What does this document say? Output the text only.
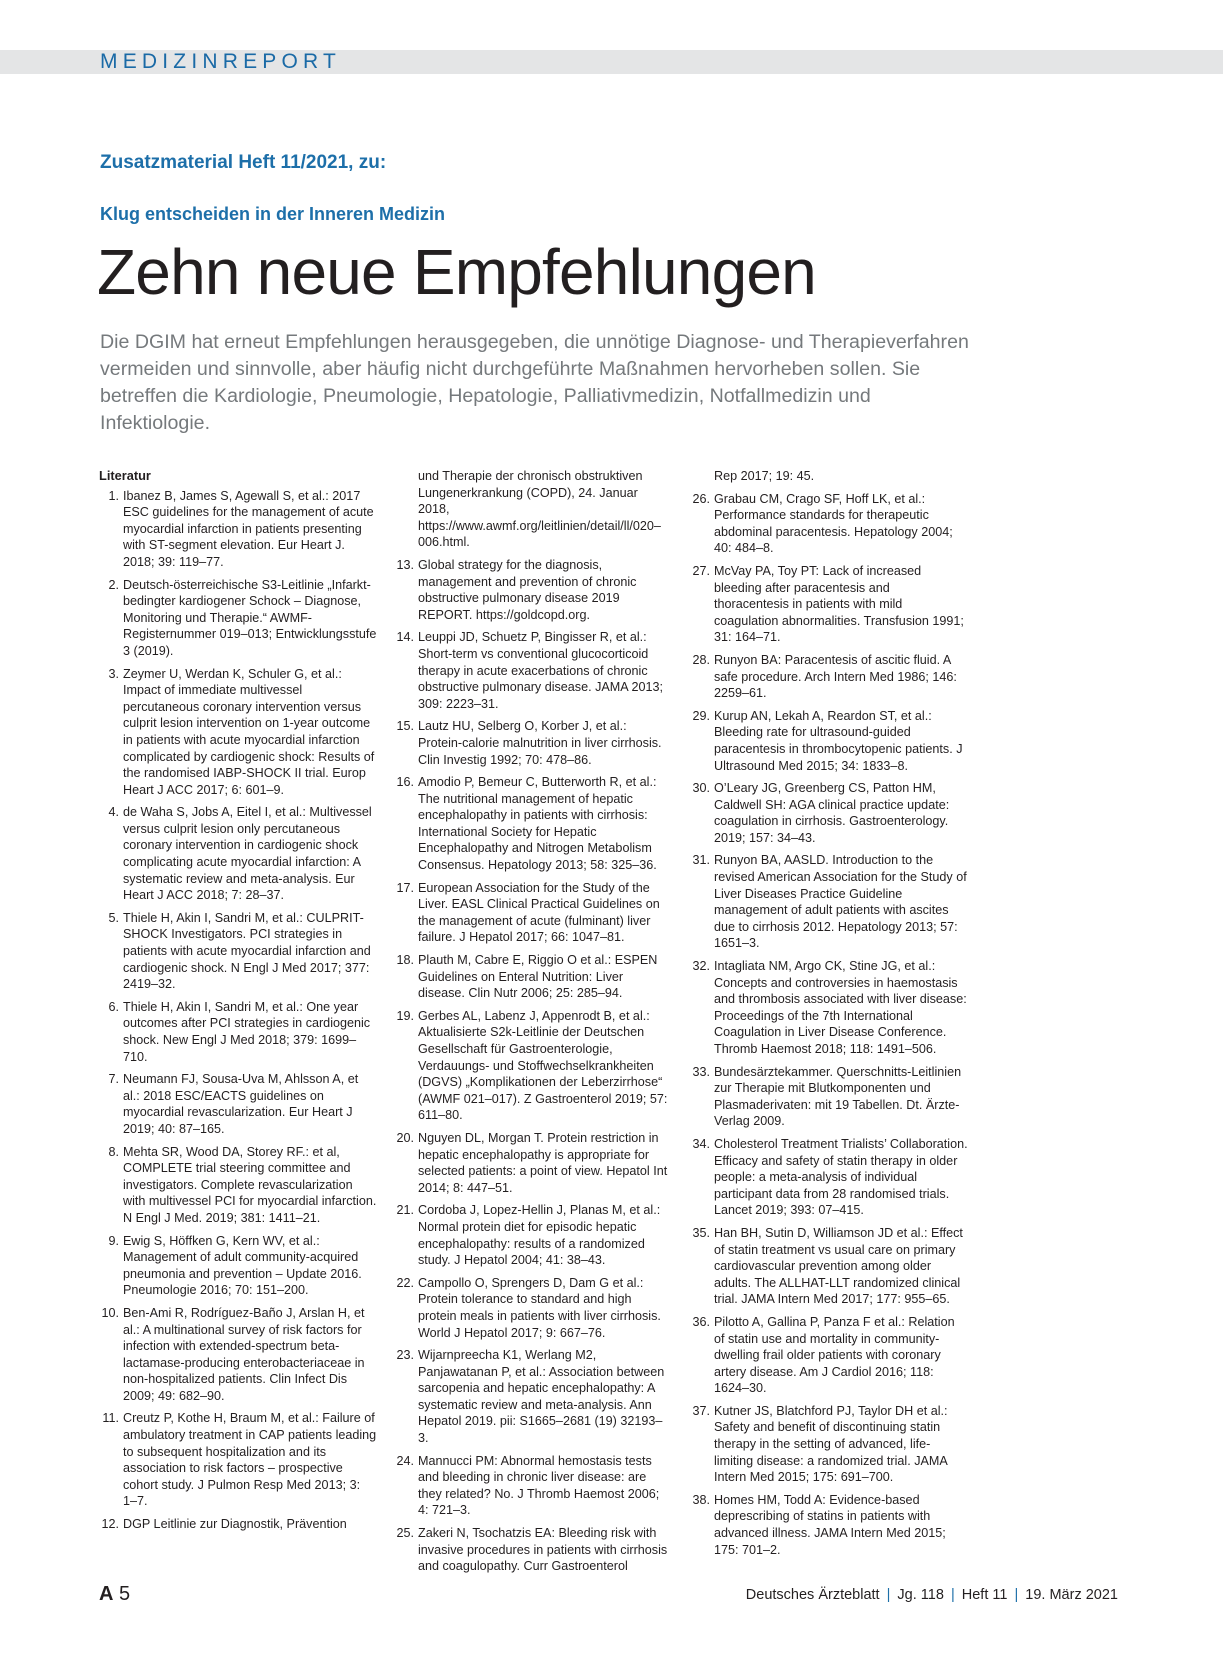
MEDIZINREPORT
Zusatzmaterial Heft 11/2021, zu:
Klug entscheiden in der Inneren Medizin
Zehn neue Empfehlungen

Die DGIM hat erneut Empfehlungen herausgegeben, die unnötige Diagnose- und Therapieverfahren vermeiden und sinnvolle, aber häufig nicht durchgeführte Maßnahmen hervorheben sollen. Sie betreffen die Kardiologie, Pneumologie, Hepatologie, Palliativmedizin, Notfallmedizin und Infektiologie.

Literatur
1. Ibanez B, James S, Agewall S, et al.: 2017 ESC guidelines for the management of acute myocardial infarction in patients presenting with ST-segment elevation. Eur Heart J. 2018; 39: 119–77.
2. Deutsch-österreichische S3-Leitlinie „Infarkt-bedingter kardiogener Schock – Diagnose, Monitoring und Therapie.“ AWMF-Registernummer 019–013; Entwicklungsstufe 3 (2019).
3. Zeymer U, Werdan K, Schuler G, et al.: Impact of immediate multivessel percutaneous coronary intervention versus culprit lesion intervention on 1-year outcome in patients with acute myocardial infarction complicated by cardiogenic shock: Results of the randomised IABP-SHOCK II trial. Europ Heart J ACC 2017; 6: 601–9.
4. de Waha S, Jobs A, Eitel I, et al.: Multivessel versus culprit lesion only percutaneous coronary intervention in cardiogenic shock complicating acute myocardial infarction: A systematic review and meta-analysis. Eur Heart J ACC 2018; 7: 28–37.
5. Thiele H, Akin I, Sandri M, et al.: CULPRIT-SHOCK Investigators. PCI strategies in patients with acute myocardial infarction and cardiogenic shock. N Engl J Med 2017; 377: 2419–32.
6. Thiele H, Akin I, Sandri M, et al.: One year outcomes after PCI strategies in cardiogenic shock. New Engl J Med 2018; 379: 1699–710.
7. Neumann FJ, Sousa-Uva M, Ahlsson A, et al.: 2018 ESC/EACTS guidelines on myocardial revascularization. Eur Heart J 2019; 40: 87–165.
8. Mehta SR, Wood DA, Storey RF.: et al, COMPLETE trial steering committee and investigators. Complete revascularization with multivessel PCI for myocardial infarction. N Engl J Med. 2019; 381: 1411–21.
9. Ewig S, Höffken G, Kern WV, et al.: Management of adult community-acquired pneumonia and prevention – Update 2016. Pneumologie 2016; 70: 151–200.
10. Ben-Ami R, Rodríguez-Baño J, Arslan H, et al.: A multinational survey of risk factors for infection with extended-spectrum beta-lactamase-producing enterobacteriaceae in non-hospitalized patients. Clin Infect Dis 2009; 49: 682–90.
11. Creutz P, Kothe H, Braum M, et al.: Failure of ambulatory treatment in CAP patients leading to subsequent hospitalization and its association to risk factors – prospective cohort study. J Pulmon Resp Med 2013; 3: 1–7.
12. DGP Leitlinie zur Diagnostik, Prävention
und Therapie der chronisch obstruktiven Lungenerkrankung (COPD), 24. Januar 2018, https://www.awmf.org/leitlinien/detail/ll/020–006.html.
13. Global strategy for the diagnosis, management and prevention of chronic obstructive pulmonary disease 2019 REPORT. https://goldcopd.org.
14. Leuppi JD, Schuetz P, Bingisser R, et al.: Short-term vs conventional glucocorticoid therapy in acute exacerbations of chronic obstructive pulmonary disease. JAMA 2013; 309: 2223–31.
15. Lautz HU, Selberg O, Korber J, et al.: Protein-calorie malnutrition in liver cirrhosis. Clin Investig 1992; 70: 478–86.
16. Amodio P, Bemeur C, Butterworth R, et al.: The nutritional management of hepatic encephalopathy in patients with cirrhosis: International Society for Hepatic Encephalopathy and Nitrogen Metabolism Consensus. Hepatology 2013; 58: 325–36.
17. European Association for the Study of the Liver. EASL Clinical Practical Guidelines on the management of acute (fulminant) liver failure. J Hepatol 2017; 66: 1047–81.
18. Plauth M, Cabre E, Riggio O et al.: ESPEN Guidelines on Enteral Nutrition: Liver disease. Clin Nutr 2006; 25: 285–94.
19. Gerbes AL, Labenz J, Appenrodt B, et al.: Aktualisierte S2k-Leitlinie der Deutschen Gesellschaft für Gastroenterologie, Verdauungs- und Stoffwechselkrankheiten (DGVS) „Komplikationen der Leberzirrhose“ (AWMF 021–017). Z Gastroenterol 2019; 57: 611–80.
20. Nguyen DL, Morgan T. Protein restriction in hepatic encephalopathy is appropriate for selected patients: a point of view. Hepatol Int 2014; 8: 447–51.
21. Cordoba J, Lopez-Hellin J, Planas M, et al.: Normal protein diet for episodic hepatic encephalopathy: results of a randomized study. J Hepatol 2004; 41: 38–43.
22. Campollo O, Sprengers D, Dam G et al.: Protein tolerance to standard and high protein meals in patients with liver cirrhosis. World J Hepatol 2017; 9: 667–76.
23. Wijarnpreecha K1, Werlang M2, Panjawatanan P, et al.: Association between sarcopenia and hepatic encephalopathy: A systematic review and meta-analysis. Ann Hepatol 2019. pii: S1665–2681 (19) 32193–3.
24. Mannucci PM: Abnormal hemostasis tests and bleeding in chronic liver disease: are they related? No. J Thromb Haemost 2006; 4: 721–3.
25. Zakeri N, Tsochatzis EA: Bleeding risk with invasive procedures in patients with cirrhosis and coagulopathy. Curr Gastroenterol
Rep 2017; 19: 45.
26. Grabau CM, Crago SF, Hoff LK, et al.: Performance standards for therapeutic abdominal paracentesis. Hepatology 2004; 40: 484–8.
27. McVay PA, Toy PT: Lack of increased bleeding after paracentesis and thoracentesis in patients with mild coagulation abnormalities. Transfusion 1991; 31: 164–71.
28. Runyon BA: Paracentesis of ascitic fluid. A safe procedure. Arch Intern Med 1986; 146: 2259–61.
29. Kurup AN, Lekah A, Reardon ST, et al.: Bleeding rate for ultrasound-guided paracentesis in thrombocytopenic patients. J Ultrasound Med 2015; 34: 1833–8.
30. O’Leary JG, Greenberg CS, Patton HM, Caldwell SH: AGA clinical practice update: coagulation in cirrhosis. Gastroenterology. 2019; 157: 34–43.
31. Runyon BA, AASLD. Introduction to the revised American Association for the Study of Liver Diseases Practice Guideline management of adult patients with ascites due to cirrhosis 2012. Hepatology 2013; 57: 1651–3.
32. Intagliata NM, Argo CK, Stine JG, et al.: Concepts and controversies in haemostasis and thrombosis associated with liver disease: Proceedings of the 7th International Coagulation in Liver Disease Conference. Thromb Haemost 2018; 118: 1491–506.
33. Bundesärztekammer. Querschnitts-Leitlinien zur Therapie mit Blutkomponenten und Plasmaderivaten: mit 19 Tabellen. Dt. Ärzte-Verlag 2009.
34. Cholesterol Treatment Trialists’ Collaboration. Efficacy and safety of statin therapy in older people: a meta-analysis of individual participant data from 28 randomised trials. Lancet 2019; 393: 07–415.
35. Han BH, Sutin D, Williamson JD et al.: Effect of statin treatment vs usual care on primary cardiovascular prevention among older adults. The ALLHAT-LLT randomized clinical trial. JAMA Intern Med 2017; 177: 955–65.
36. Pilotto A, Gallina P, Panza F et al.: Relation of statin use and mortality in community-dwelling frail older patients with coronary artery disease. Am J Cardiol 2016; 118: 1624–30.
37. Kutner JS, Blatchford PJ, Taylor DH et al.: Safety and benefit of discontinuing statin therapy in the setting of advanced, life-limiting disease: a randomized trial. JAMA Intern Med 2015; 175: 691–700.
38. Homes HM, Todd A: Evidence-based deprescribing of statins in patients with advanced illness. JAMA Intern Med 2015; 175: 701–2.
A 5	Deutsches Ärzteblatt | Jg. 118 | Heft 11 | 19. März 2021
